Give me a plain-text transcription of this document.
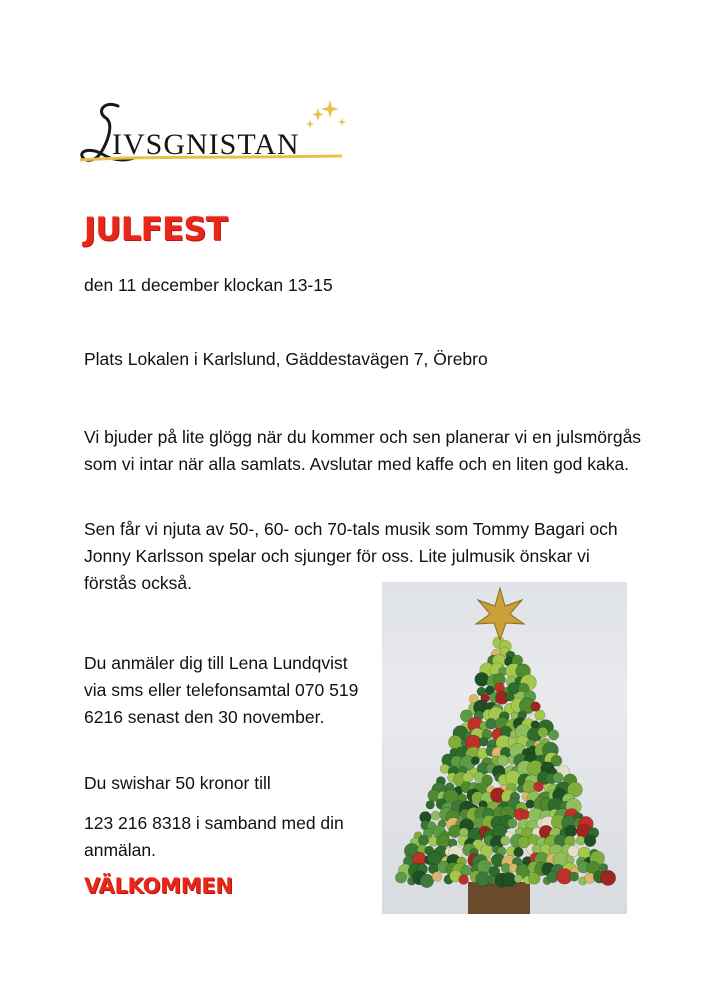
IVSGNISTAN
JULFEST

den 11 december klockan 13-15

Plats Lokalen i Karlslund, Gäddestavägen 7, Örebro

Vi bjuder på lite glögg när du kommer och sen planerar vi en julsmörgås som vi intar när alla samlats. Avslutar med kaffe och en liten god kaka.

Sen får vi njuta av 50-, 60- och 70-tals musik som Tommy Bagari och Jonny Karlsson spelar och sjunger för oss. Lite julmusik önskar vi förstås också.

Du anmäler dig till Lena Lundqvist via sms eller telefonsamtal 070 519 6216 senast den 30 november.

Du swishar 50 kronor till

123 216 8318 i samband med din anmälan.

VÄLKOMMEN
